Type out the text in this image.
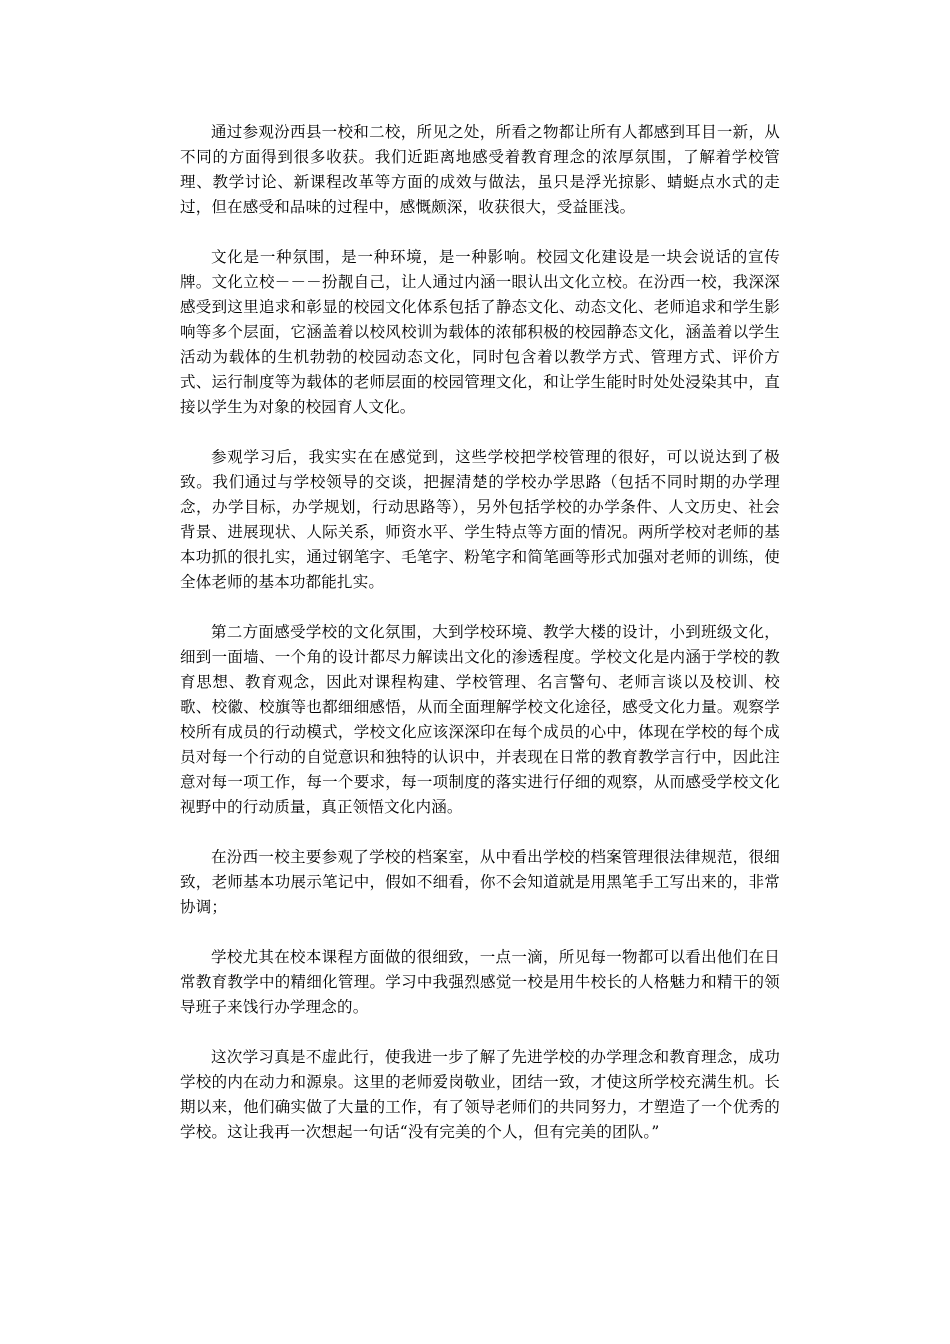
通过参观汾西县一校和二校，所见之处，所看之物都让所有人都感到耳目一新，从不同的方面得到很多收获。我们近距离地感受着教育理念的浓厚氛围，了解着学校管理、教学讨论、新课程改革等方面的成效与做法，虽只是浮光掠影、蜻蜓点水式的走过，但在感受和品味的过程中，感慨颇深，收获很大，受益匪浅。

文化是一种氛围，是一种环境，是一种影响。校园文化建设是一块会说话的宣传牌。文化立校－－－扮靓自己，让人通过内涵一眼认出文化立校。在汾西一校，我深深感受到这里追求和彰显的校园文化体系包括了静态文化、动态文化、老师追求和学生影响等多个层面，它涵盖着以校风校训为载体的浓郁积极的校园静态文化，涵盖着以学生活动为载体的生机勃勃的校园动态文化，同时包含着以教学方式、管理方式、评价方式、运行制度等为载体的老师层面的校园管理文化，和让学生能时时处处浸染其中，直接以学生为对象的校园育人文化。

参观学习后，我实实在在感觉到，这些学校把学校管理的很好，可以说达到了极致。我们通过与学校领导的交谈，把握清楚的学校办学思路（包括不同时期的办学理念，办学目标，办学规划，行动思路等），另外包括学校的办学条件、人文历史、社会背景、进展现状、人际关系，师资水平、学生特点等方面的情况。两所学校对老师的基本功抓的很扎实，通过钢笔字、毛笔字、粉笔字和简笔画等形式加强对老师的训练，使全体老师的基本功都能扎实。

第二方面感受学校的文化氛围，大到学校环境、教学大楼的设计，小到班级文化，细到一面墙、一个角的设计都尽力解读出文化的渗透程度。学校文化是内涵于学校的教育思想、教育观念，因此对课程构建、学校管理、名言警句、老师言谈以及校训、校歌、校徽、校旗等也都细细感悟，从而全面理解学校文化途径，感受文化力量。观察学校所有成员的行动模式，学校文化应该深深印在每个成员的心中，体现在学校的每个成员对每一个行动的自觉意识和独特的认识中，并表现在日常的教育教学言行中，因此注意对每一项工作，每一个要求，每一项制度的落实进行仔细的观察，从而感受学校文化视野中的行动质量，真正领悟文化内涵。

在汾西一校主要参观了学校的档案室，从中看出学校的档案管理很法律规范，很细致，老师基本功展示笔记中，假如不细看，你不会知道就是用黑笔手工写出来的，非常协调；

学校尤其在校本课程方面做的很细致，一点一滴，所见每一物都可以看出他们在日常教育教学中的精细化管理。学习中我强烈感觉一校是用牛校长的人格魅力和精干的领导班子来饯行办学理念的。

这次学习真是不虚此行，使我进一步了解了先进学校的办学理念和教育理念，成功学校的内在动力和源泉。这里的老师爱岗敬业，团结一致，才使这所学校充满生机。长期以来，他们确实做了大量的工作，有了领导老师们的共同努力，才塑造了一个优秀的学校。这让我再一次想起一句话“没有完美的个人，但有完美的团队。”
